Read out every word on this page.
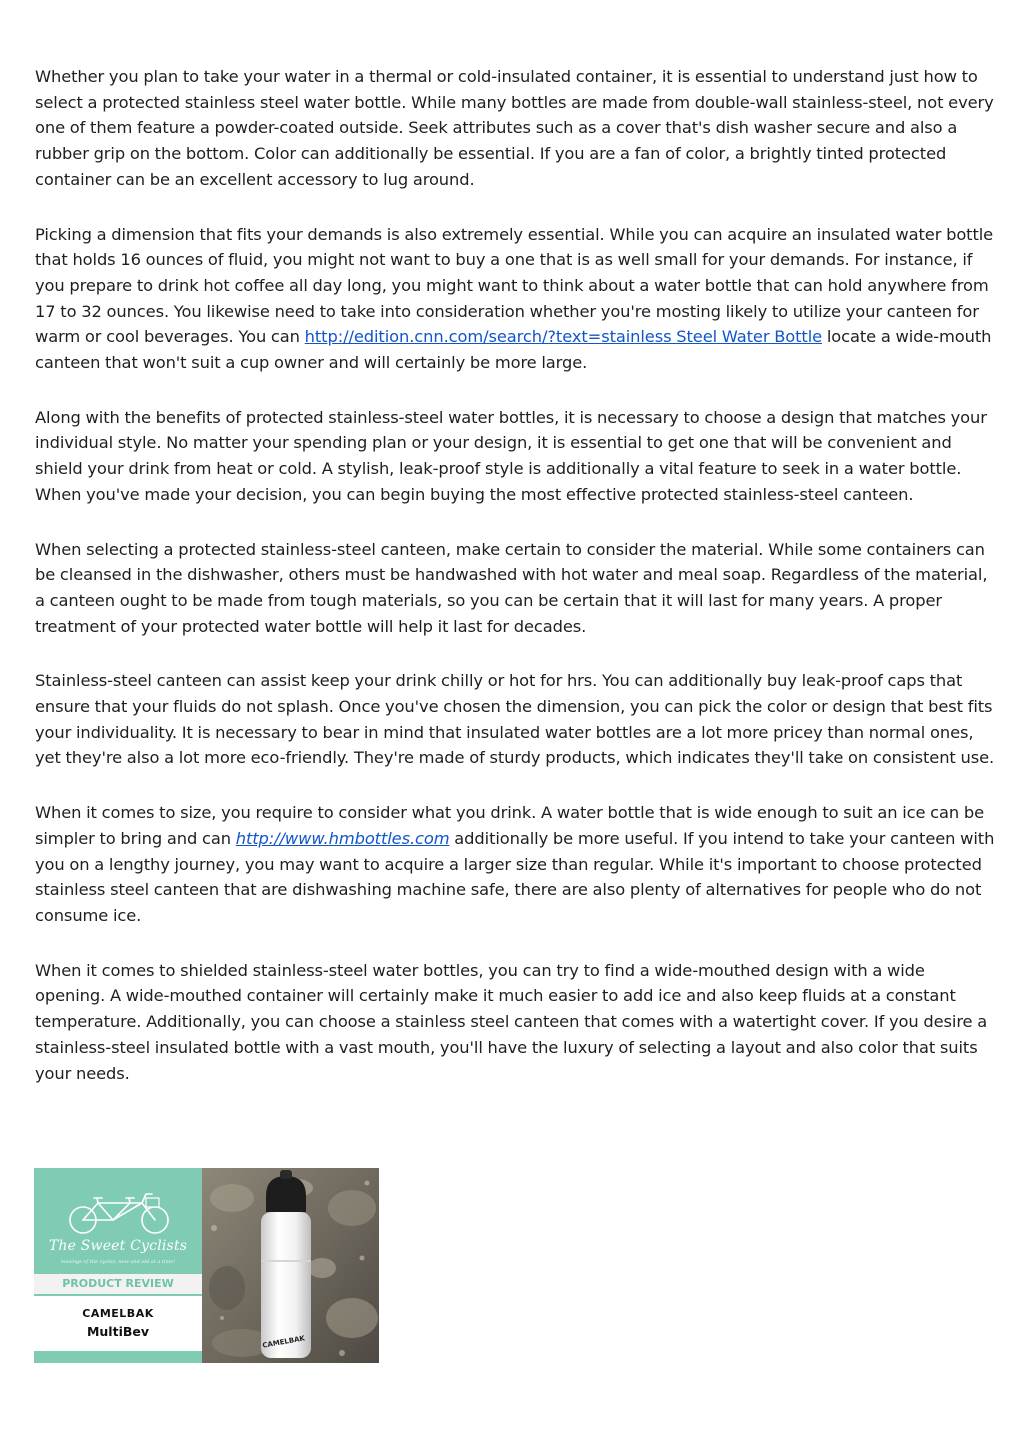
Whether you plan to take your water in a thermal or cold-insulated container, it is essential to understand just how to select a protected stainless steel water bottle. While many bottles are made from double-wall stainless-steel, not every one of them feature a powder-coated outside. Seek attributes such as a cover that's dish washer secure and also a rubber grip on the bottom. Color can additionally be essential. If you are a fan of color, a brightly tinted protected container can be an excellent accessory to lug around.

Picking a dimension that fits your demands is also extremely essential. While you can acquire an insulated water bottle that holds 16 ounces of fluid, you might not want to buy a one that is as well small for your demands. For instance, if you prepare to drink hot coffee all day long, you might want to think about a water bottle that can hold anywhere from 17 to 32 ounces. You likewise need to take into consideration whether you're mosting likely to utilize your canteen for warm or cool beverages. You can http://edition.cnn.com/search/?text=stainless Steel Water Bottle locate a wide-mouth canteen that won't suit a cup owner and will certainly be more large.

Along with the benefits of protected stainless-steel water bottles, it is necessary to choose a design that matches your individual style. No matter your spending plan or your design, it is essential to get one that will be convenient and shield your drink from heat or cold. A stylish, leak-proof style is additionally a vital feature to seek in a water bottle. When you've made your decision, you can begin buying the most effective protected stainless-steel canteen.

When selecting a protected stainless-steel canteen, make certain to consider the material. While some containers can be cleansed in the dishwasher, others must be handwashed with hot water and meal soap. Regardless of the material, a canteen ought to be made from tough materials, so you can be certain that it will last for many years. A proper treatment of your protected water bottle will help it last for decades.

Stainless-steel canteen can assist keep your drink chilly or hot for hrs. You can additionally buy leak-proof caps that ensure that your fluids do not splash. Once you've chosen the dimension, you can pick the color or design that best fits your individuality. It is necessary to bear in mind that insulated water bottles are a lot more pricey than normal ones, yet they're also a lot more eco-friendly. They're made of sturdy products, which indicates they'll take on consistent use.

When it comes to size, you require to consider what you drink. A water bottle that is wide enough to suit an ice can be simpler to bring and can http://www.hmbottles.com additionally be more useful. If you intend to take your canteen with you on a lengthy journey, you may want to acquire a larger size than regular. While it's important to choose protected stainless steel canteen that are dishwashing machine safe, there are also plenty of alternatives for people who do not consume ice.

When it comes to shielded stainless-steel water bottles, you can try to find a wide-mouthed design with a wide opening. A wide-mouthed container will certainly make it much easier to add ice and also keep fluids at a constant temperature. Additionally, you can choose a stainless steel canteen that comes with a watertight cover. If you desire a stainless-steel insulated bottle with a vast mouth, you'll have the luxury of selecting a layout and also color that suits your needs.

The Sweet Cyclists
musings of the cycles, new and old at a time!
PRODUCT REVIEW
CAMELBAK
MultiBev
CAMELBAK
